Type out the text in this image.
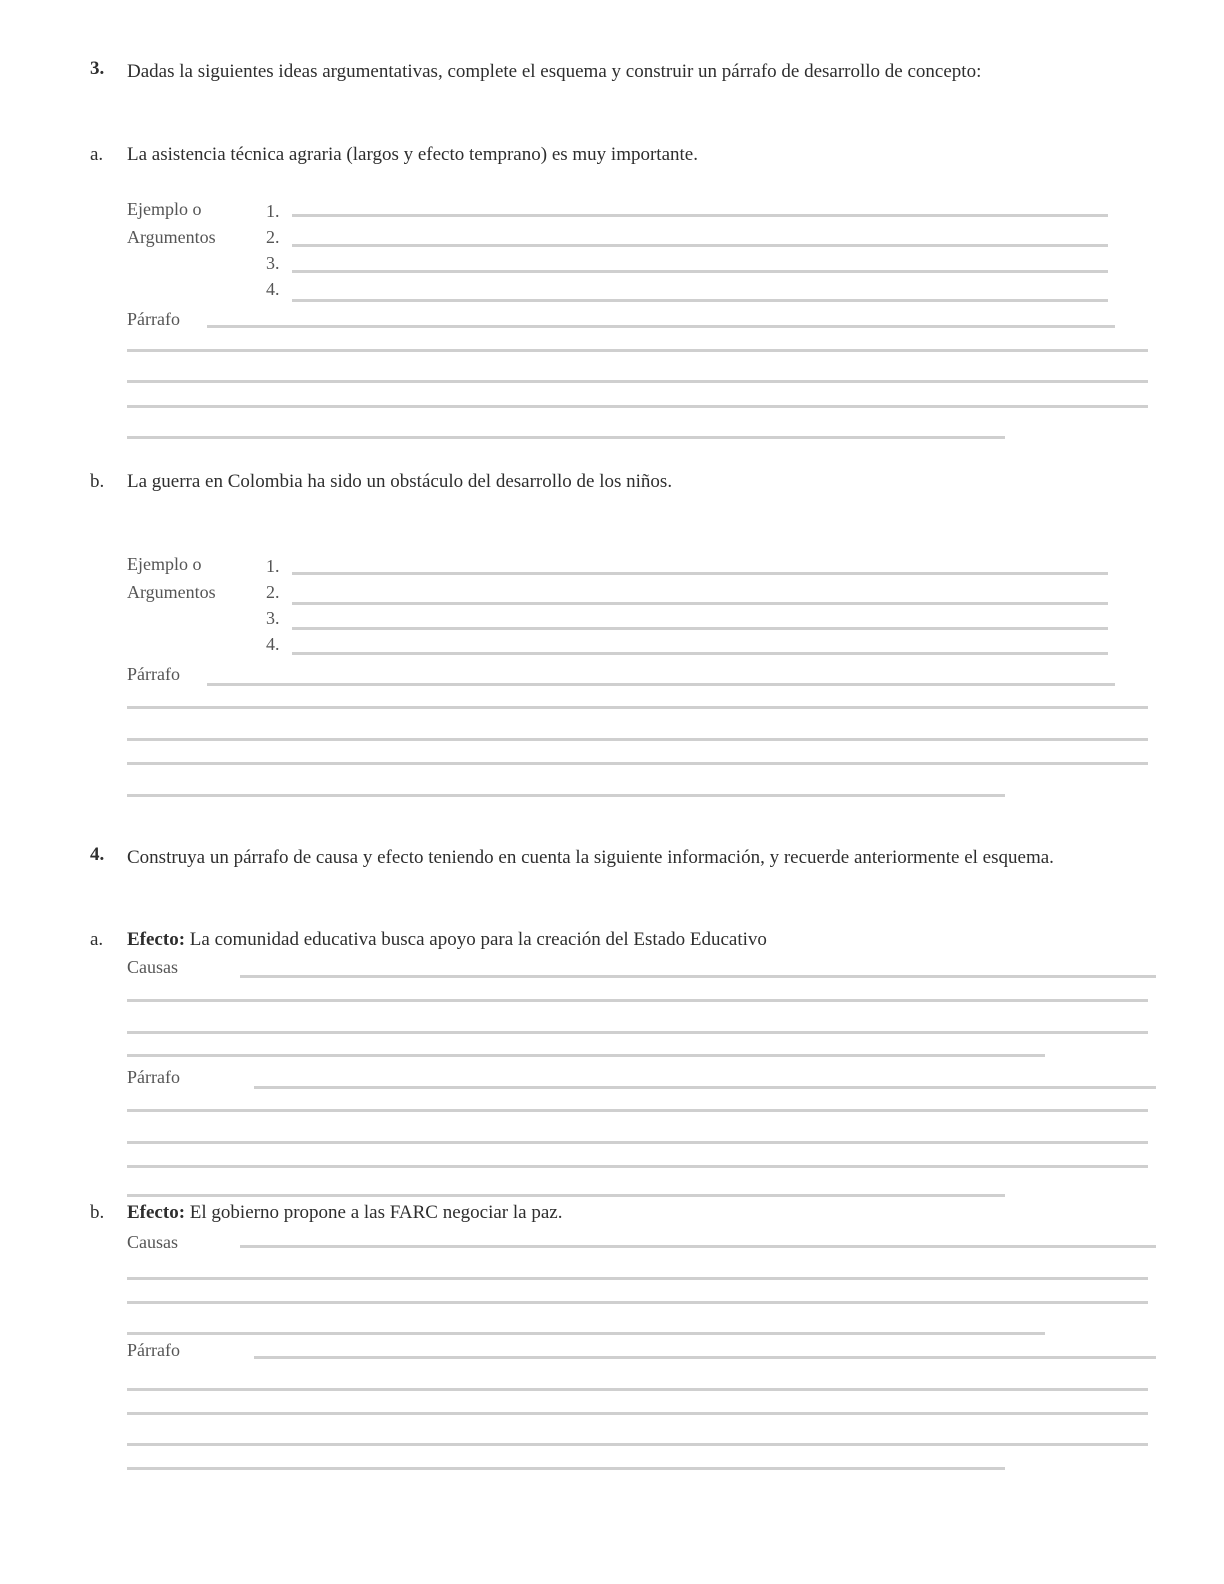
3. Dadas la siguientes ideas argumentativas, complete el esquema y construir un párrafo de desarrollo de concepto:
a. La asistencia técnica agraria (largos y efecto temprano) es muy importante.
Ejemplo o
Argumentos
1.
2.
3.
4.
Párrafo
b. La guerra en Colombia ha sido un obstáculo del desarrollo de los niños.
Ejemplo o
Argumentos
1.
2.
3.
4.
Párrafo
4. Construya un párrafo de causa y efecto teniendo en cuenta la siguiente información, y recuerde anteriormente el esquema.
a. Efecto: La comunidad educativa busca apoyo para la creación del Estado Educativo
Causas
Párrafo
b. Efecto: El gobierno propone a las FARC negociar la paz.
Causas
Párrafo
